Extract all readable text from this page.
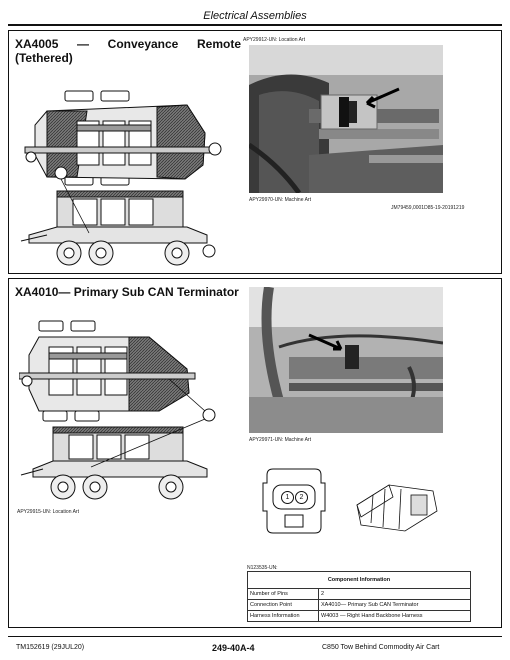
Electrical Assemblies
XA4005 — Conveyance Remote
(Tethered)
APY29912-UN: Location Art
APY29970-UN: Machine Art
JM79459,0001D85-19-20191219
XA4010— Primary Sub CAN Terminator
APY29971-UN: Machine Art
APY29915-UN: Location Art
1	2
N123535-UN:
Component Information	
Number of Pins	2
Connection Point	XA4010— Primary Sub CAN Terminator
Harness Information	W4003 — Right Hand Backbone Harness
TM152619 (29JUL20)	249-40A-4	C850 Tow Behind Commodity Air Cart
